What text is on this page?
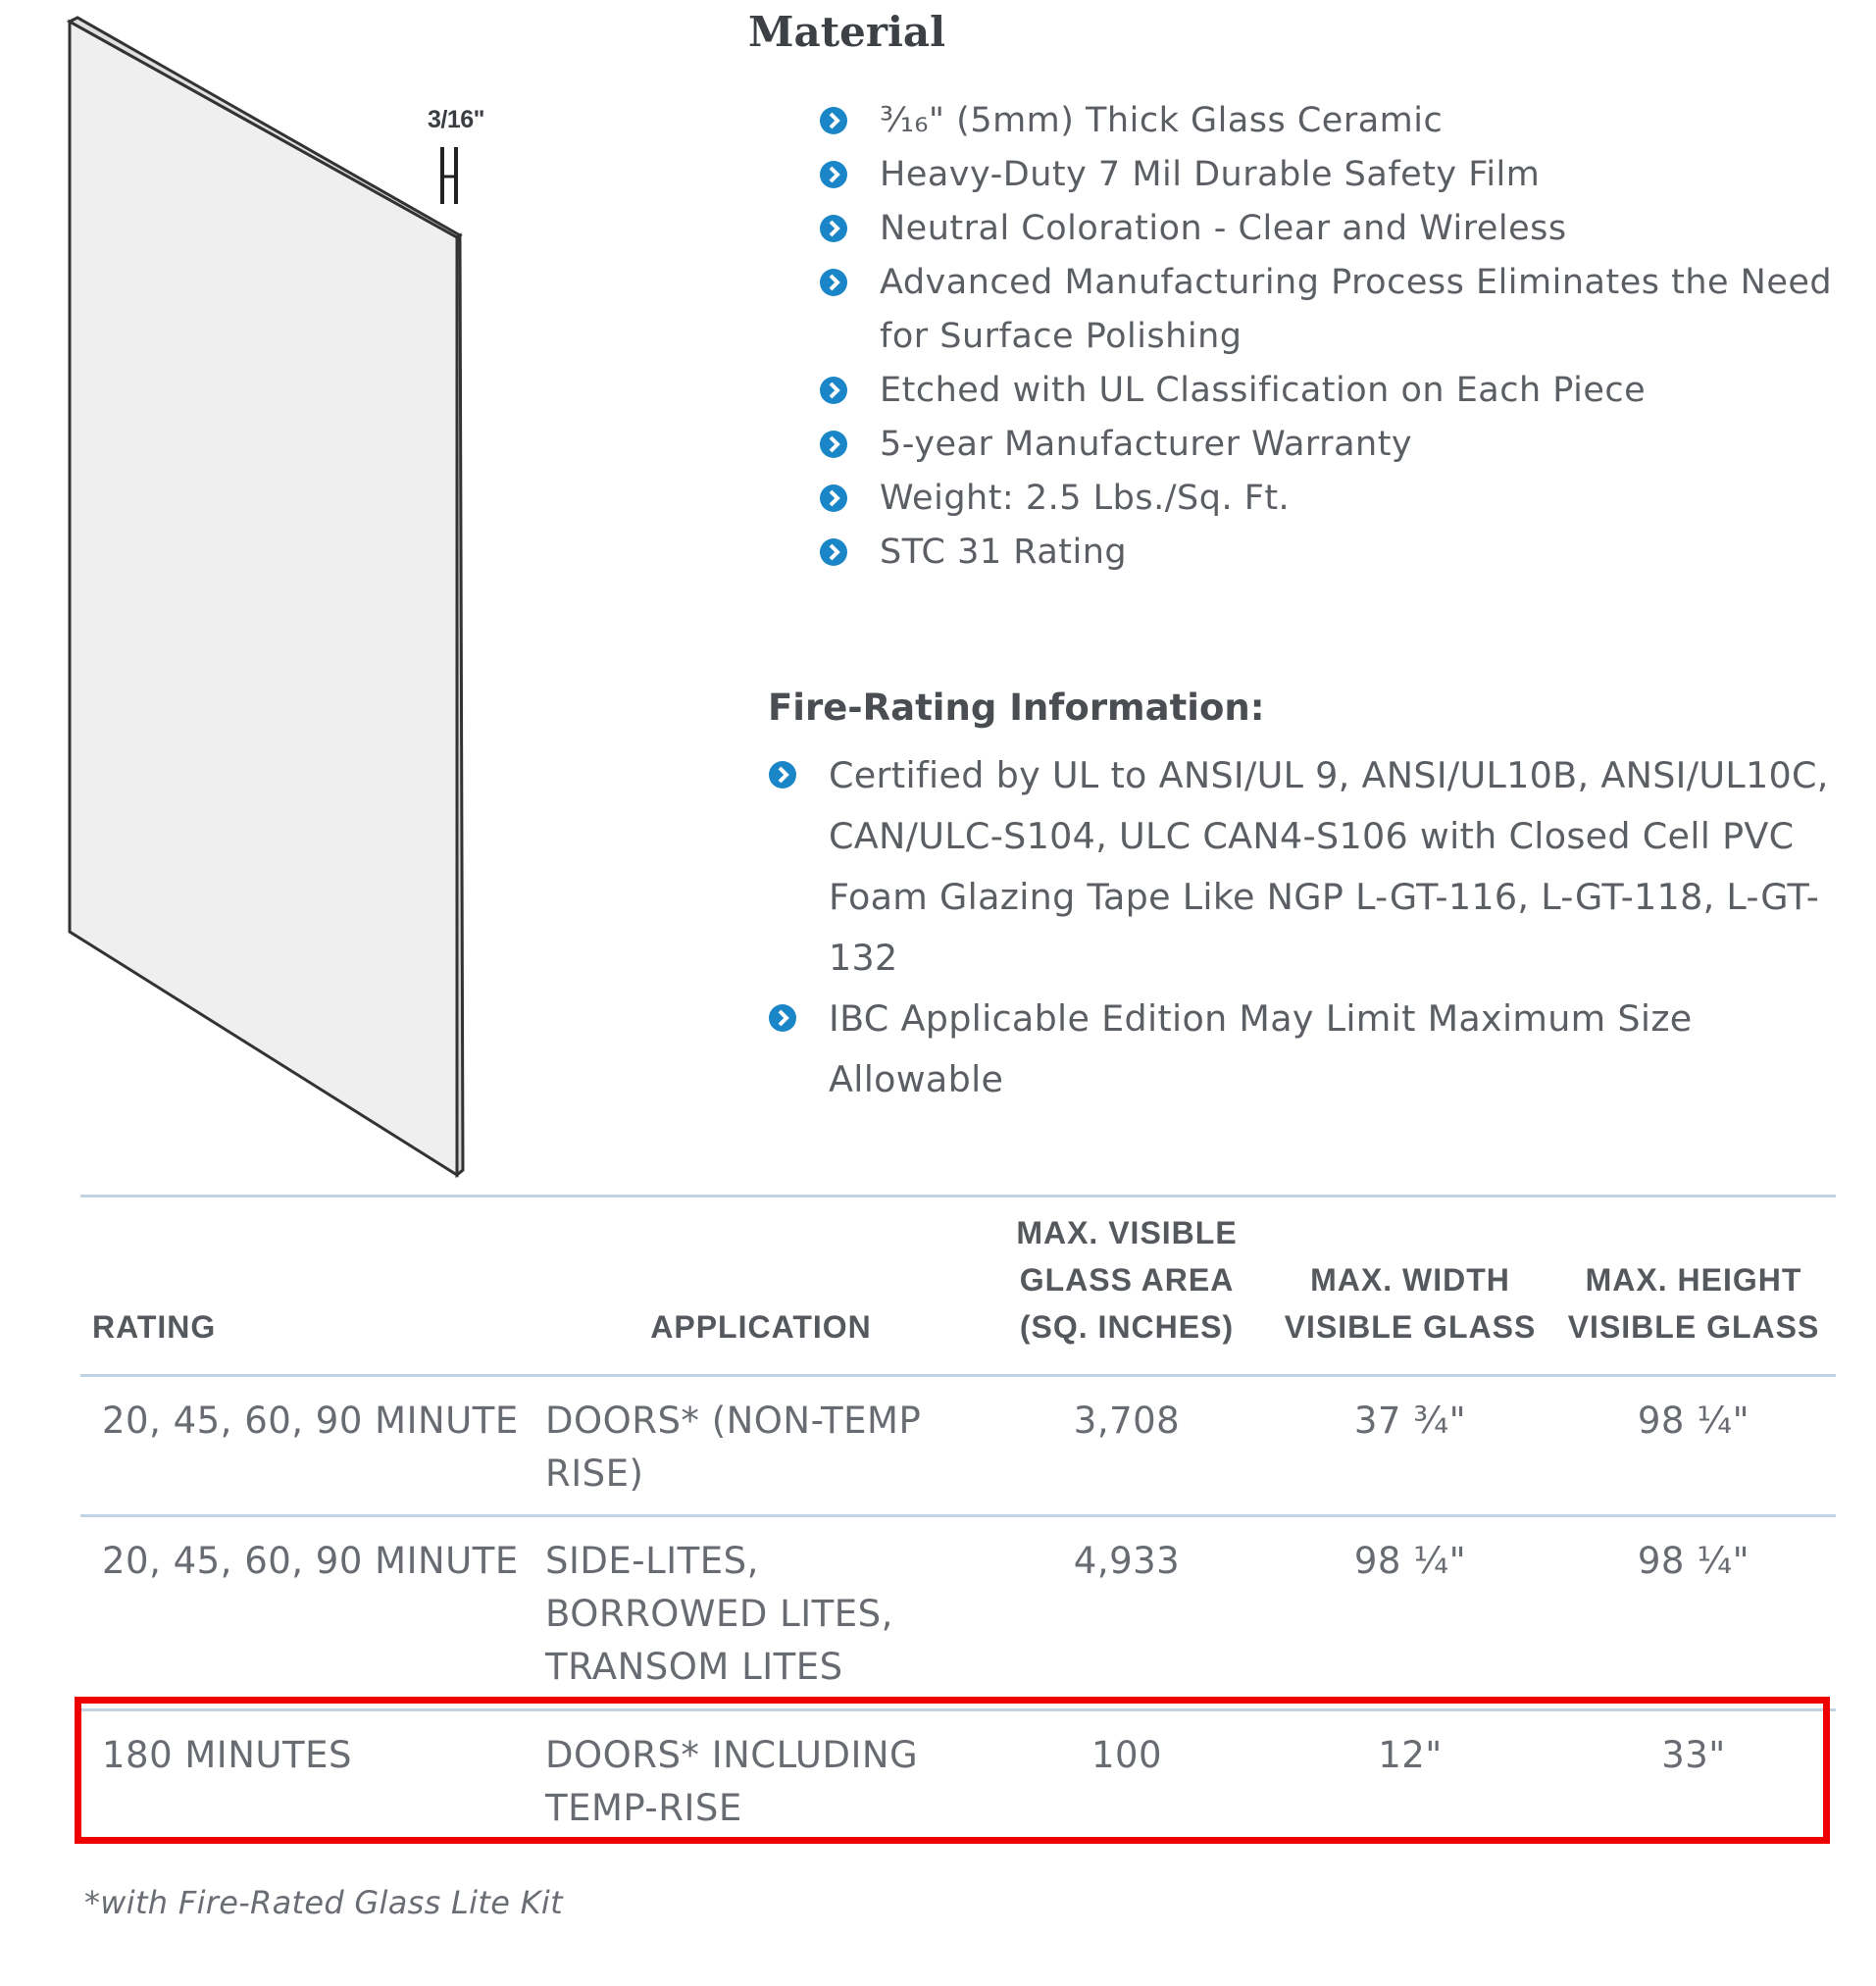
3/16"
Material
³⁄₁₆" (5mm) Thick Glass Ceramic
Heavy-Duty 7 Mil Durable Safety Film
Neutral Coloration - Clear and Wireless
Advanced Manufacturing Process Eliminates the Need for Surface Polishing
Etched with UL Classification on Each Piece
5-year Manufacturer Warranty
Weight: 2.5 Lbs./Sq. Ft.
STC 31 Rating
Fire-Rating Information:
Certified by UL to ANSI/UL 9, ANSI/UL10B, ANSI/UL10C, CAN/ULC-S104, ULC CAN4-S106 with Closed Cell PVC Foam Glazing Tape Like NGP L-GT-116, L-GT-118, L-GT-132
IBC Applicable Edition May Limit Maximum Size Allowable
RATING	APPLICATION	MAX. VISIBLE GLASS AREA (SQ. INCHES)	MAX. WIDTH VISIBLE GLASS	MAX. HEIGHT VISIBLE GLASS
20, 45, 60, 90 MINUTE	DOORS* (NON-TEMP RISE)	3,708	37 ¾"	98 ¼"
20, 45, 60, 90 MINUTE	SIDE-LITES, BORROWED LITES, TRANSOM LITES	4,933	98 ¼"	98 ¼"
180 MINUTES	DOORS* INCLUDING TEMP-RISE	100	12"	33"
*with Fire-Rated Glass Lite Kit
